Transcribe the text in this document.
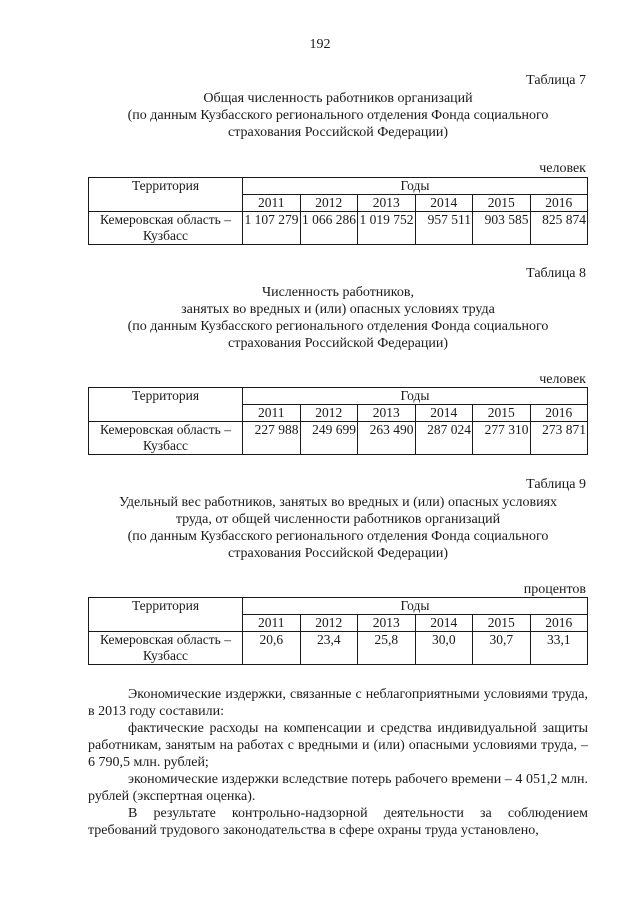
192
Таблица 7
Общая численность работников организаций
(по данным Кузбасского регионального отделения Фонда социального
страхования Российской Федерации)
человек
Территория	Годы					
	2011	2012	2013	2014	2015	2016

Кемеровская область –
Кузбасс	1 107 279	1 066 286	1 019 752	957 511	903 585	825 874
Таблица 8
Численность работников,
занятых во вредных и (или) опасных условиях труда
(по данным Кузбасского регионального отделения Фонда социального
страхования Российской Федерации)
человек
Территория	Годы					
	2011	2012	2013	2014	2015	2016

Кемеровская область –
Кузбасс	227 988	249 699	263 490	287 024	277 310	273 871
Таблица 9
Удельный вес работников, занятых во вредных и (или) опасных условиях
труда, от общей численности работников организаций
(по данным Кузбасского регионального отделения Фонда социального
страхования Российской Федерации)
процентов
Территория	Годы					
	2011	2012	2013	2014	2015	2016

Кемеровская область –
Кузбасс	20,6	23,4	25,8	30,0	30,7	33,1

Экономические издержки, связанные с неблагоприятными условиями труда, в 2013 году составили:

фактические расходы на компенсации и средства индивидуальной защиты работникам, занятым на работах с вредными и (или) опасными условиями труда, – 6 790,5 млн. рублей;

экономические издержки вследствие потерь рабочего времени – 4 051,2 млн. рублей (экспертная оценка).

В результате контрольно-надзорной деятельности за соблюдением требований трудового законодательства в сфере охраны труда установлено,
